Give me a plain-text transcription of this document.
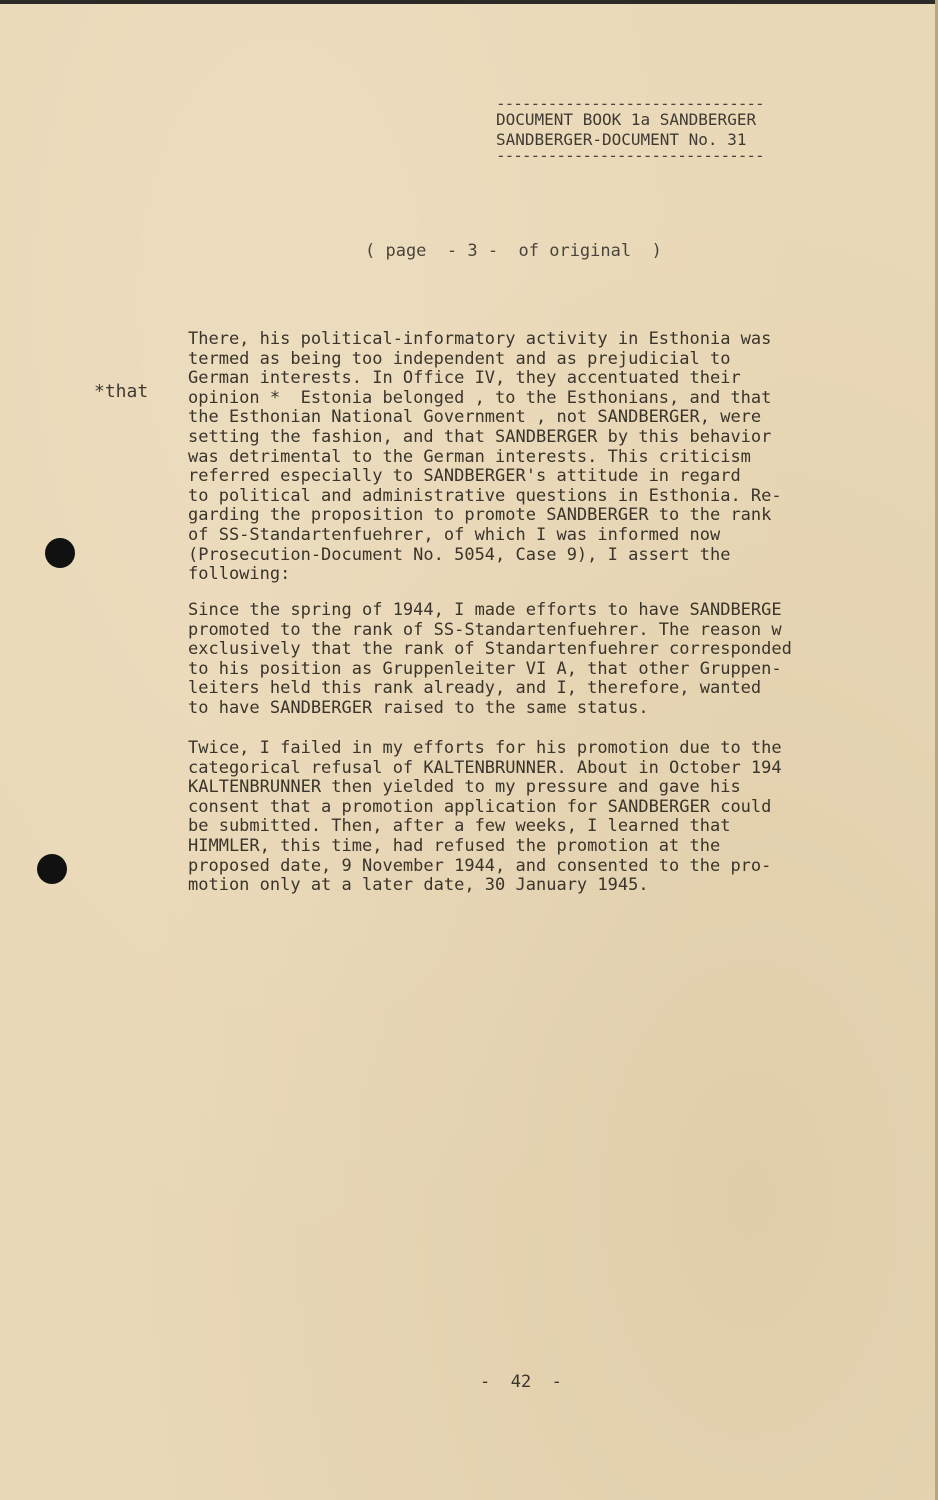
-------------------------------
DOCUMENT BOOK 1a SANDBERGER
SANDBERGER-DOCUMENT No. 31
-------------------------------
( page  - 3 -  of original  )
*that
There, his political-informatory activity in Esthonia was
termed as being too independent and as prejudicial to
German interests. In Office IV, they accentuated their
opinion *  Estonia belonged , to the Esthonians, and that
the Esthonian National Government , not SANDBERGER, were
setting the fashion, and that SANDBERGER by this behavior
was detrimental to the German interests. This criticism
referred especially to SANDBERGER's attitude in regard
to political and administrative questions in Esthonia. Re-
garding the proposition to promote SANDBERGER to the rank
of SS-Standartenfuehrer, of which I was informed now
(Prosecution-Document No. 5054, Case 9), I assert the
following:
Since the spring of 1944, I made efforts to have SANDBERGE
promoted to the rank of SS-Standartenfuehrer. The reason w
exclusively that the rank of Standartenfuehrer corresponded
to his position as Gruppenleiter VI A, that other Gruppen-
leiters held this rank already, and I, therefore, wanted
to have SANDBERGER raised to the same status.
Twice, I failed in my efforts for his promotion due to the
categorical refusal of KALTENBRUNNER. About in October 194
KALTENBRUNNER then yielded to my pressure and gave his
consent that a promotion application for SANDBERGER could
be submitted. Then, after a few weeks, I learned that
HIMMLER, this time, had refused the promotion at the
proposed date, 9 November 1944, and consented to the pro-
motion only at a later date, 30 January 1945.
-  42  -
